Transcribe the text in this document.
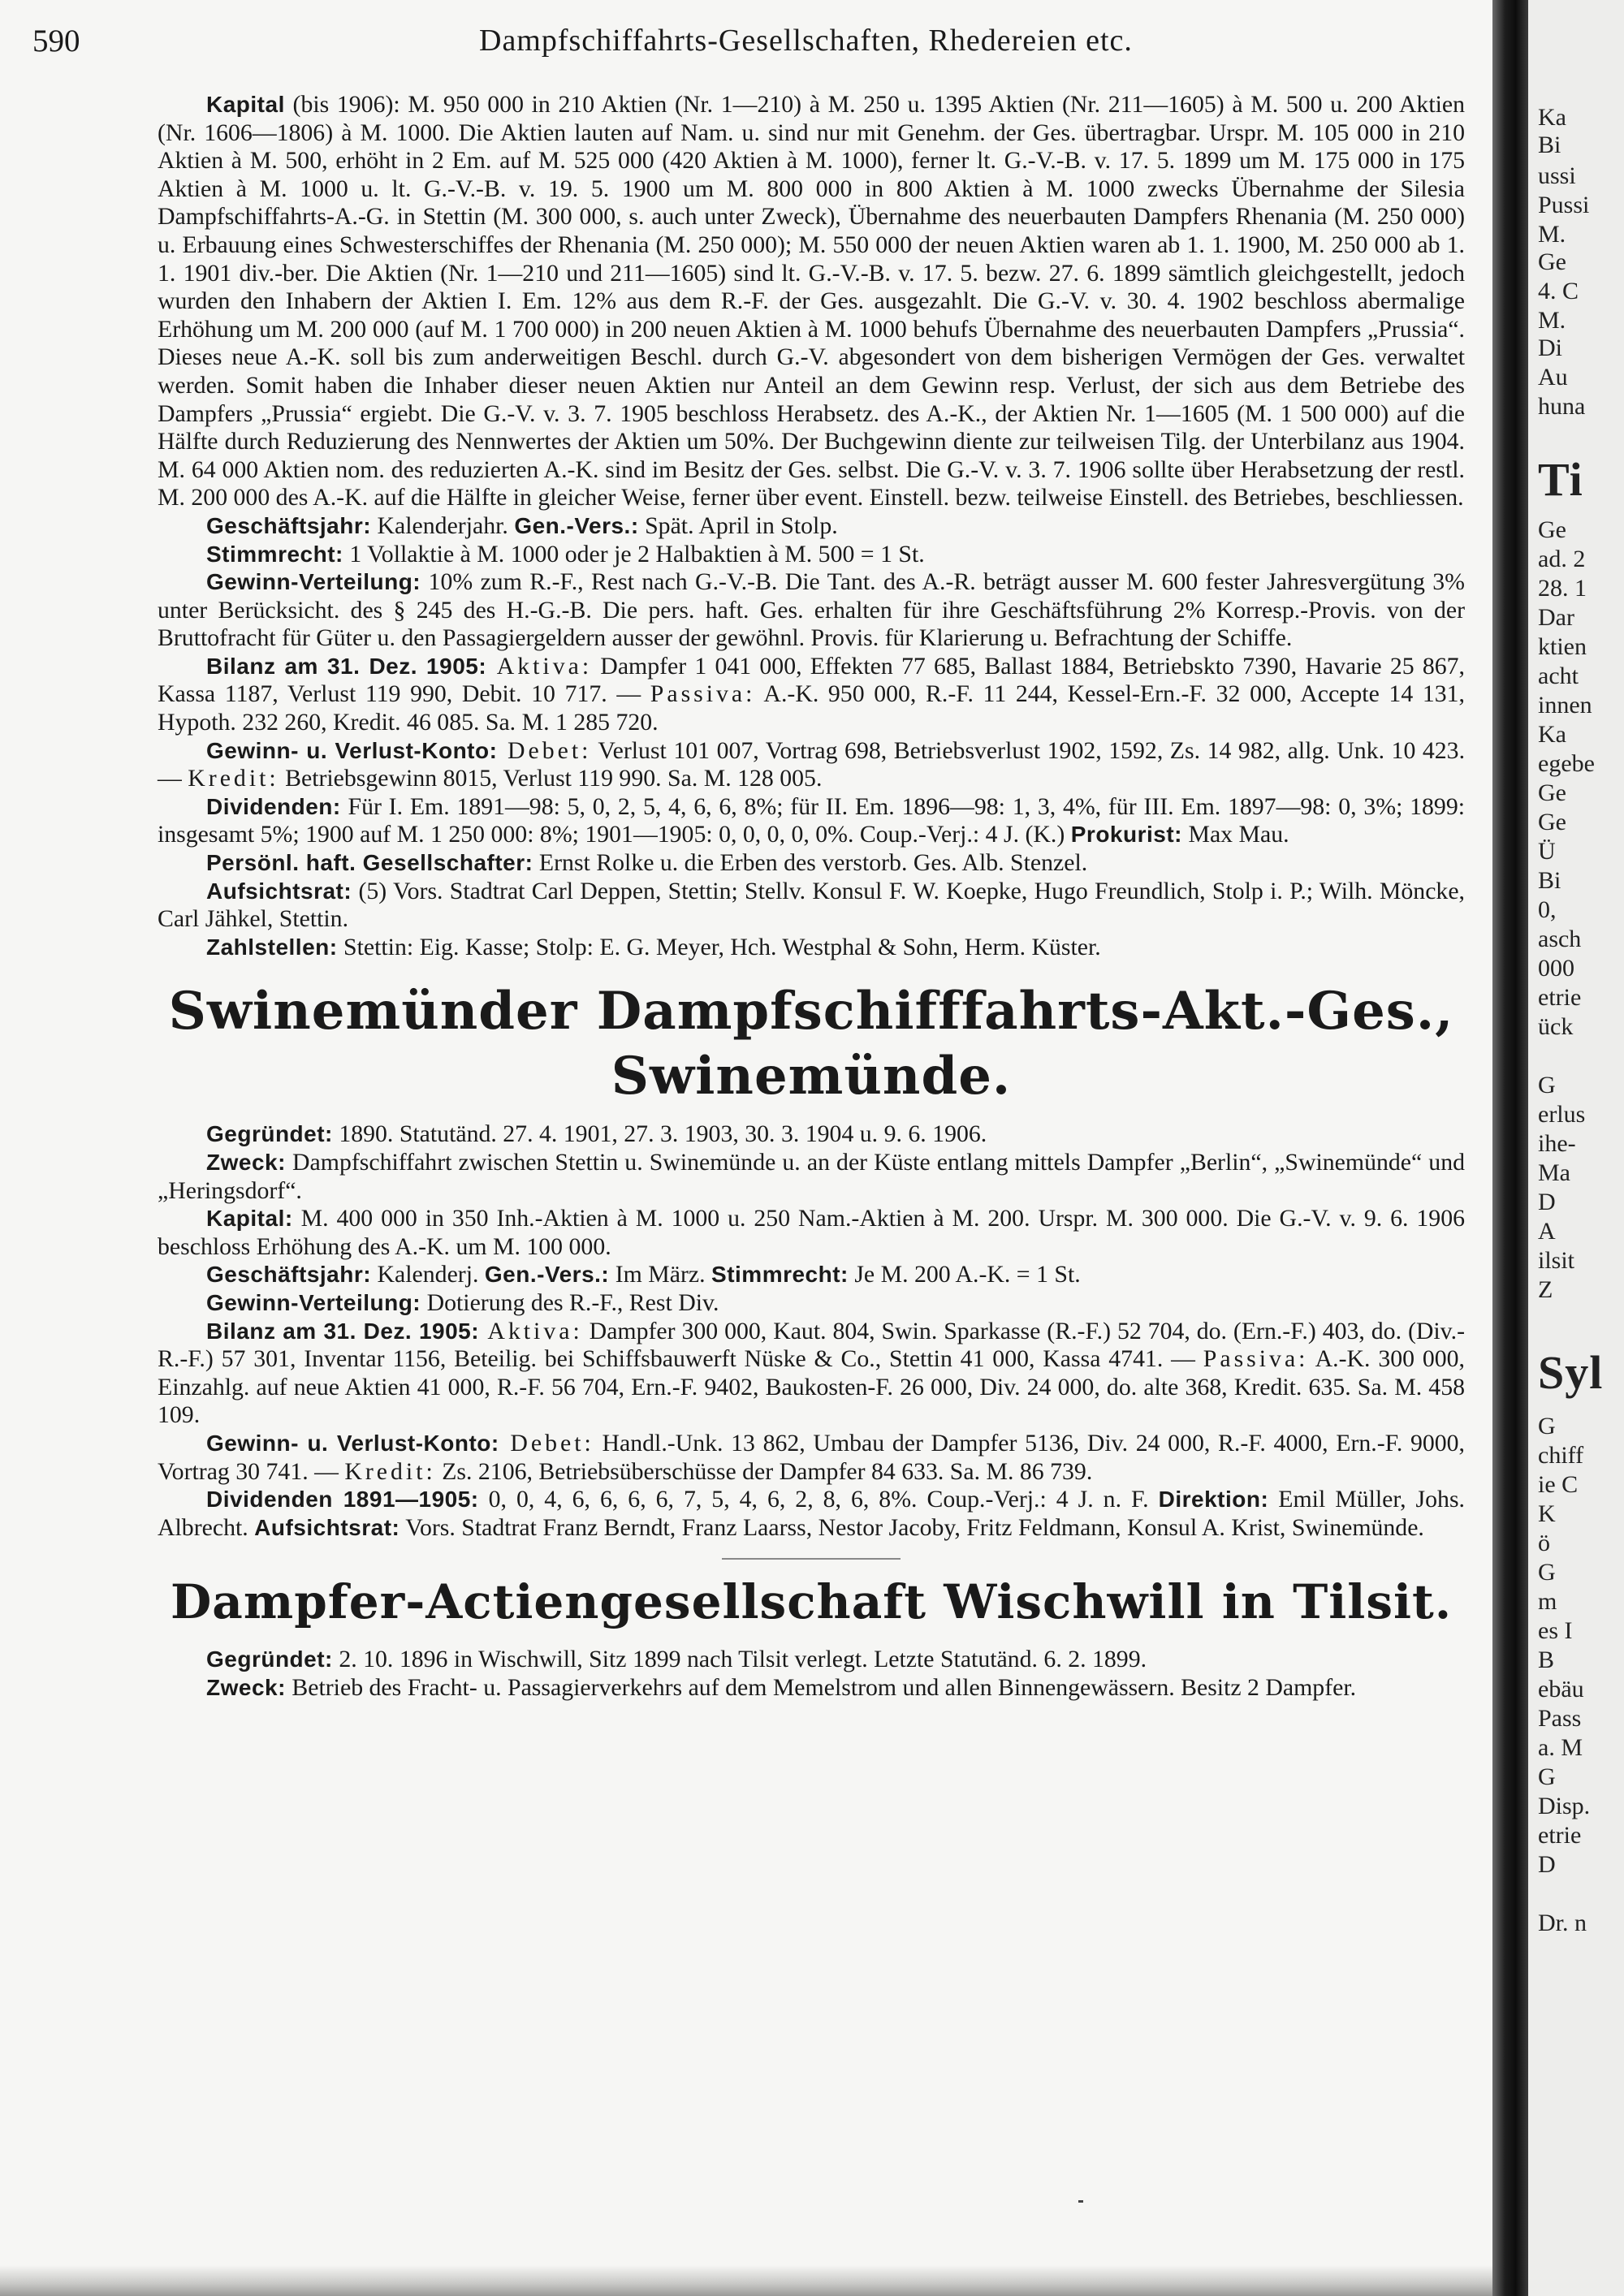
590	Dampfschiffahrts-Gesellschaften, Rhedereien etc.

Kapital (bis 1906): M. 950 000 in 210 Aktien (Nr. 1—210) à M. 250 u. 1395 Aktien (Nr. 211—1605) à M. 500 u. 200 Aktien (Nr. 1606—1806) à M. 1000. Die Aktien lauten auf Nam. u. sind nur mit Genehm. der Ges. übertragbar. Urspr. M. 105 000 in 210 Aktien à M. 500, erhöht in 2 Em. auf M. 525 000 (420 Aktien à M. 1000), ferner lt. G.-V.-B. v. 17. 5. 1899 um M. 175 000 in 175 Aktien à M. 1000 u. lt. G.-V.-B. v. 19. 5. 1900 um M. 800 000 in 800 Aktien à M. 1000 zwecks Übernahme der Silesia Dampfschiffahrts-A.-G. in Stettin (M. 300 000, s. auch unter Zweck), Übernahme des neuerbauten Dampfers Rhenania (M. 250 000) u. Erbauung eines Schwesterschiffes der Rhenania (M. 250 000); M. 550 000 der neuen Aktien waren ab 1. 1. 1900, M. 250 000 ab 1. 1. 1901 div.-ber. Die Aktien (Nr. 1—210 und 211—1605) sind lt. G.-V.-B. v. 17. 5. bezw. 27. 6. 1899 sämtlich gleichgestellt, jedoch wurden den Inhabern der Aktien I. Em. 12% aus dem R.-F. der Ges. ausgezahlt. Die G.-V. v. 30. 4. 1902 beschloss abermalige Erhöhung um M. 200 000 (auf M. 1 700 000) in 200 neuen Aktien à M. 1000 behufs Übernahme des neuerbauten Dampfers „Prussia“. Dieses neue A.-K. soll bis zum anderweitigen Beschl. durch G.-V. abgesondert von dem bisherigen Vermögen der Ges. verwaltet werden. Somit haben die Inhaber dieser neuen Aktien nur Anteil an dem Gewinn resp. Verlust, der sich aus dem Betriebe des Dampfers „Prussia“ ergiebt. Die G.-V. v. 3. 7. 1905 beschloss Herabsetz. des A.-K., der Aktien Nr. 1—1605 (M. 1 500 000) auf die Hälfte durch Reduzierung des Nennwertes der Aktien um 50%. Der Buchgewinn diente zur teilweisen Tilg. der Unterbilanz aus 1904. M. 64 000 Aktien nom. des reduzierten A.-K. sind im Besitz der Ges. selbst. Die G.-V. v. 3. 7. 1906 sollte über Herabsetzung der restl. M. 200 000 des A.-K. auf die Hälfte in gleicher Weise, ferner über event. Einstell. bezw. teilweise Einstell. des Betriebes, beschliessen.

Geschäftsjahr: Kalenderjahr. Gen.-Vers.: Spät. April in Stolp.

Stimmrecht: 1 Vollaktie à M. 1000 oder je 2 Halbaktien à M. 500 = 1 St.

Gewinn-Verteilung: 10% zum R.-F., Rest nach G.-V.-B. Die Tant. des A.-R. beträgt ausser M. 600 fester Jahresvergütung 3% unter Berücksicht. des § 245 des H.-G.-B. Die pers. haft. Ges. erhalten für ihre Geschäftsführung 2% Korresp.-Provis. von der Bruttofracht für Güter u. den Passagiergeldern ausser der gewöhnl. Provis. für Klarierung u. Befrachtung der Schiffe.

Bilanz am 31. Dez. 1905: Aktiva: Dampfer 1 041 000, Effekten 77 685, Ballast 1884, Betriebskto 7390, Havarie 25 867, Kassa 1187, Verlust 119 990, Debit. 10 717. — Passiva: A.-K. 950 000, R.-F. 11 244, Kessel-Ern.-F. 32 000, Accepte 14 131, Hypoth. 232 260, Kredit. 46 085. Sa. M. 1 285 720.

Gewinn- u. Verlust-Konto: Debet: Verlust 101 007, Vortrag 698, Betriebsverlust 1902, 1592, Zs. 14 982, allg. Unk. 10 423. — Kredit: Betriebsgewinn 8015, Verlust 119 990. Sa. M. 128 005.

Dividenden: Für I. Em. 1891—98: 5, 0, 2, 5, 4, 6, 6, 8%; für II. Em. 1896—98: 1, 3, 4%, für III. Em. 1897—98: 0, 3%; 1899: insgesamt 5%; 1900 auf M. 1 250 000: 8%; 1901—1905: 0, 0, 0, 0, 0%. Coup.-Verj.: 4 J. (K.) Prokurist: Max Mau.

Persönl. haft. Gesellschafter: Ernst Rolke u. die Erben des verstorb. Ges. Alb. Stenzel.

Aufsichtsrat: (5) Vors. Stadtrat Carl Deppen, Stettin; Stellv. Konsul F. W. Koepke, Hugo Freundlich, Stolp i. P.; Wilh. Möncke, Carl Jähkel, Stettin.

Zahlstellen: Stettin: Eig. Kasse; Stolp: E. G. Meyer, Hch. Westphal & Sohn, Herm. Küster.

Swinemünder Dampfschifffahrts-Akt.-Ges., Swinemünde.

Gegründet: 1890. Statutänd. 27. 4. 1901, 27. 3. 1903, 30. 3. 1904 u. 9. 6. 1906.

Zweck: Dampfschiffahrt zwischen Stettin u. Swinemünde u. an der Küste entlang mittels Dampfer „Berlin“, „Swinemünde“ und „Heringsdorf“.

Kapital: M. 400 000 in 350 Inh.-Aktien à M. 1000 u. 250 Nam.-Aktien à M. 200. Urspr. M. 300 000. Die G.-V. v. 9. 6. 1906 beschloss Erhöhung des A.-K. um M. 100 000.

Geschäftsjahr: Kalenderj. Gen.-Vers.: Im März. Stimmrecht: Je M. 200 A.-K. = 1 St.

Gewinn-Verteilung: Dotierung des R.-F., Rest Div.

Bilanz am 31. Dez. 1905: Aktiva: Dampfer 300 000, Kaut. 804, Swin. Sparkasse (R.-F.) 52 704, do. (Ern.-F.) 403, do. (Div.-R.-F.) 57 301, Inventar 1156, Beteilig. bei Schiffsbauwerft Nüske & Co., Stettin 41 000, Kassa 4741. — Passiva: A.-K. 300 000, Einzahlg. auf neue Aktien 41 000, R.-F. 56 704, Ern.-F. 9402, Baukosten-F. 26 000, Div. 24 000, do. alte 368, Kredit. 635. Sa. M. 458 109.

Gewinn- u. Verlust-Konto: Debet: Handl.-Unk. 13 862, Umbau der Dampfer 5136, Div. 24 000, R.-F. 4000, Ern.-F. 9000, Vortrag 30 741. — Kredit: Zs. 2106, Betriebsüberschüsse der Dampfer 84 633. Sa. M. 86 739.

Dividenden 1891—1905: 0, 0, 4, 6, 6, 6, 6, 7, 5, 4, 6, 2, 8, 6, 8%. Coup.-Verj.: 4 J. n. F. Direktion: Emil Müller, Johs. Albrecht. Aufsichtsrat: Vors. Stadtrat Franz Berndt, Franz Laarss, Nestor Jacoby, Fritz Feldmann, Konsul A. Krist, Swinemünde.

Dampfer-Actiengesellschaft Wischwill in Tilsit.

Gegründet: 2. 10. 1896 in Wischwill, Sitz 1899 nach Tilsit verlegt. Letzte Statutänd. 6. 2. 1899.

Zweck: Betrieb des Fracht- u. Passagierverkehrs auf dem Memelstrom und allen Binnengewässern. Besitz 2 Dampfer.

Ka
Bi
ussi
Pussi
M.
Ge
4. C
M.
Di
Au
huna
Ti
Ge
ad. 2
28. 1
Dar
ktien
acht
innen
Ka
egebe
Ge
Ge
Ü
Bi
0,
asch
000
etrie
ück
G
erlus
ihe-
Ma
D
A
ilsit
Z
Syl
G
chiff
ie C
K
ö
G
m
es I
B
ebäu
Pass
a. M
G
Disp.
etrie
D
Dr. n
